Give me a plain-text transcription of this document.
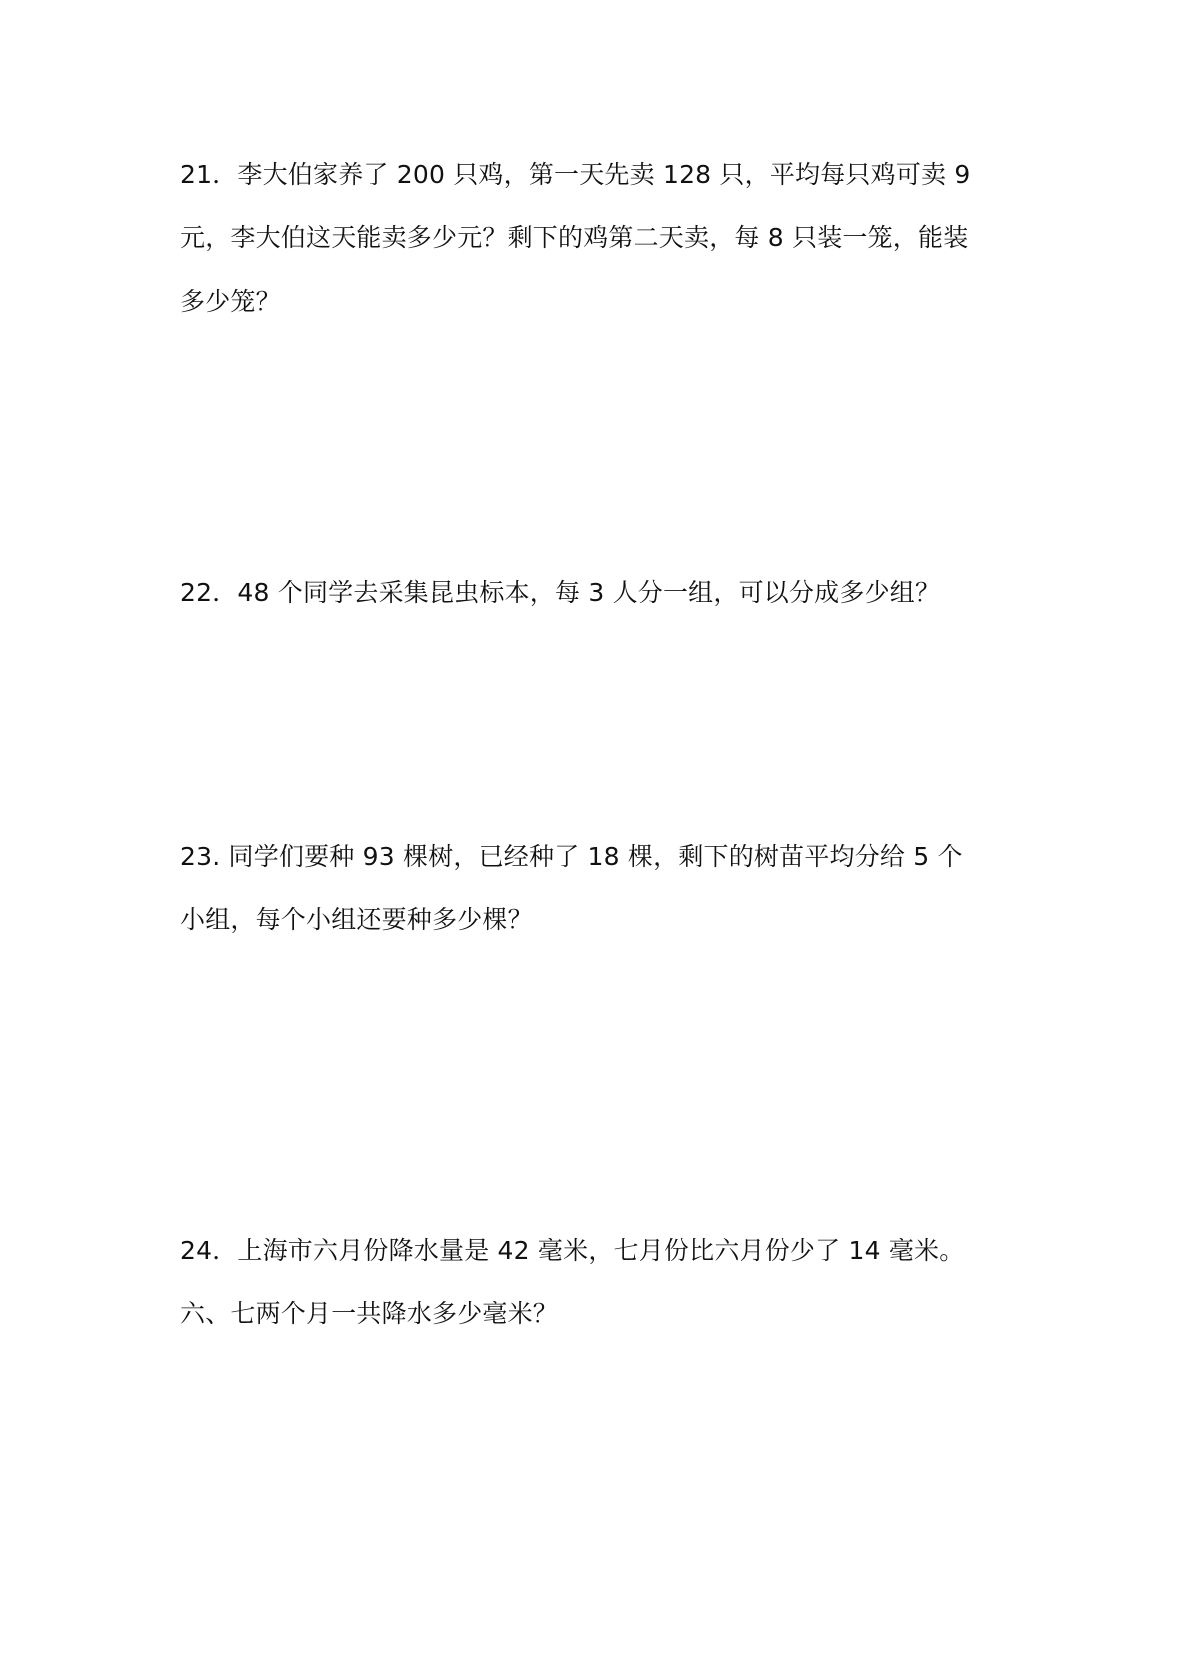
21．李大伯家养了 200 只鸡，第一天先卖 128 只，平均每只鸡可卖 9
元，李大伯这天能卖多少元？剩下的鸡第二天卖，每 8 只装一笼，能装
多少笼？
22．48 个同学去采集昆虫标本，每 3 人分一组，可以分成多少组？
23. 同学们要种 93 棵树，已经种了 18 棵，剩下的树苗平均分给 5 个
小组，每个小组还要种多少棵？
24．上海市六月份降水量是 42 毫米，七月份比六月份少了 14 毫米。
六、七两个月一共降水多少毫米？
